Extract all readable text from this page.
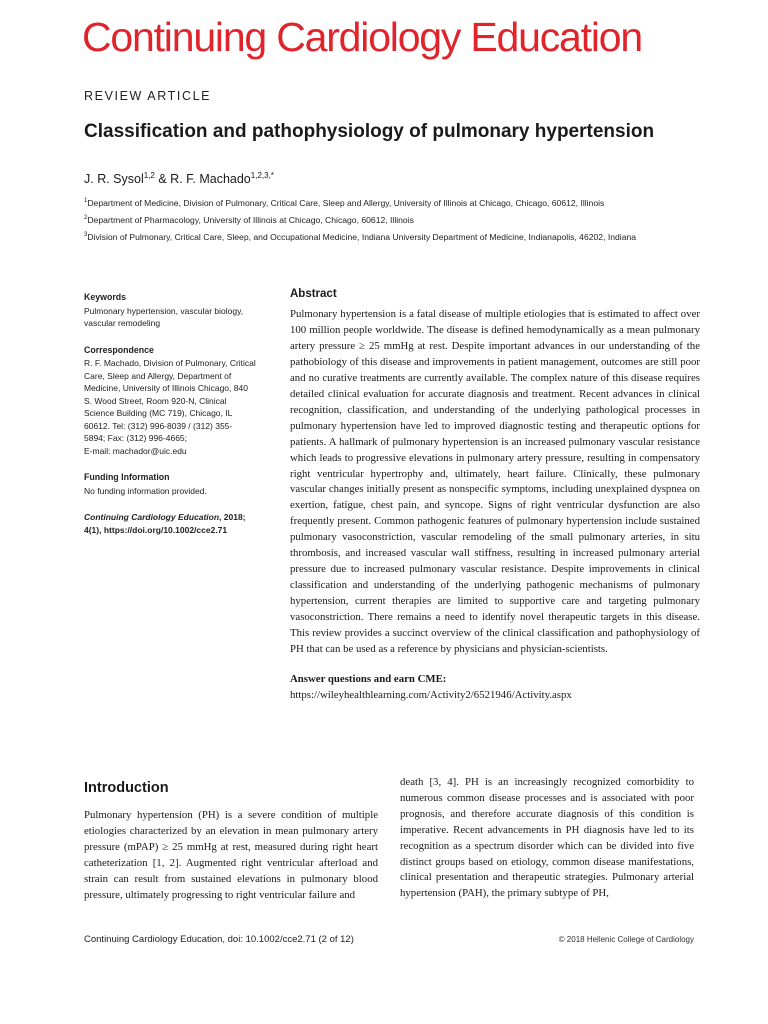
Continuing Cardiology Education
REVIEW ARTICLE
Classification and pathophysiology of pulmonary hypertension
J. R. Sysol$^{1,2}$ & R. F. Machado$^{1,2,3,*}$
$^1$Department of Medicine, Division of Pulmonary, Critical Care, Sleep and Allergy, University of Illinois at Chicago, Chicago, 60612, Illinois
$^2$Department of Pharmacology, University of Illinois at Chicago, Chicago, 60612, Illinois
$^3$Division of Pulmonary, Critical Care, Sleep, and Occupational Medicine, Indiana University Department of Medicine, Indianapolis, 46202, Indiana
Keywords
Pulmonary hypertension, vascular biology,
vascular remodeling
Correspondence
R. F. Machado, Division of Pulmonary, Critical
Care, Sleep and Allergy, Department of
Medicine, University of Illinois Chicago, 840
S. Wood Street, Room 920-N, Clinical
Science Building (MC 719), Chicago, IL
60612. Tel: (312) 996-8039 / (312) 355-
5894; Fax: (312) 996-4665;
E-mail: machador@uic.edu
Funding Information
No funding information provided.
Continuing Cardiology Education, 2018;
4(1), https://doi.org/10.1002/cce2.71
Abstract

Pulmonary hypertension is a fatal disease of multiple etiologies that is estimated to affect over 100 million people worldwide. The disease is defined hemodynamically as a mean pulmonary artery pressure ≥ 25 mmHg at rest. Despite important advances in our understanding of the pathobiology of this disease and improvements in patient management, outcomes are still poor and no curative treatments are currently available. The complex nature of this disease requires detailed clinical evaluation for accurate diagnosis and treatment. Recent advances in clinical recognition, classification, and understanding of the underlying pathological processes in pulmonary hypertension have led to improved diagnostic testing and therapeutic options for patients. A hallmark of pulmonary hypertension is an increased pulmonary vascular resistance which leads to progressive elevations in pulmonary artery pressure, resulting in compensatory right ventricular hypertrophy and, ultimately, heart failure. Clinically, these pulmonary vascular changes initially present as nonspecific symptoms, including unexplained dyspnea on exertion, fatigue, chest pain, and syncope. Signs of right ventricular dysfunction are also frequently present. Common pathogenic features of pulmonary hypertension include sustained pulmonary vasoconstriction, vascular remodeling of the small pulmonary arteries, in situ thrombosis, and increased vascular wall stiffness, resulting in increased pulmonary arterial pressure due to increased pulmonary vascular resistance. Despite improvements in clinical classification and understanding of the underlying pathogenic mechanisms of pulmonary hypertension, current therapies are limited to supportive care and targeting pulmonary vasoconstriction. There remains a need to identify novel therapeutic targets in this disease. This review provides a succinct overview of the clinical classification and pathophysiology of PH that can be used as a reference by physicians and physician-scientists.

Answer questions and earn CME: https://wileyhealthlearning.com/Activity2/6521946/Activity.aspx
Introduction

Pulmonary hypertension (PH) is a severe condition of multiple etiologies characterized by an elevation in mean pulmonary artery pressure (mPAP) ≥ 25 mmHg at rest, measured during right heart catheterization [1, 2]. Augmented right ventricular afterload and strain can result from sustained elevations in pulmonary blood pressure, ultimately progressing to right ventricular failure and

death [3, 4]. PH is an increasingly recognized comorbidity to numerous common disease processes and is associated with poor prognosis, and therefore accurate diagnosis of this condition is imperative. Recent advancements in PH diagnosis have led to its recognition as a spectrum disorder which can be divided into five distinct groups based on etiology, common disease manifestations, clinical presentation and therapeutic strategies. Pulmonary arterial hypertension (PAH), the primary subtype of PH,

Continuing Cardiology Education, doi: 10.1002/cce2.71 (2 of 12)	© 2018 Hellenic College of Cardiology
